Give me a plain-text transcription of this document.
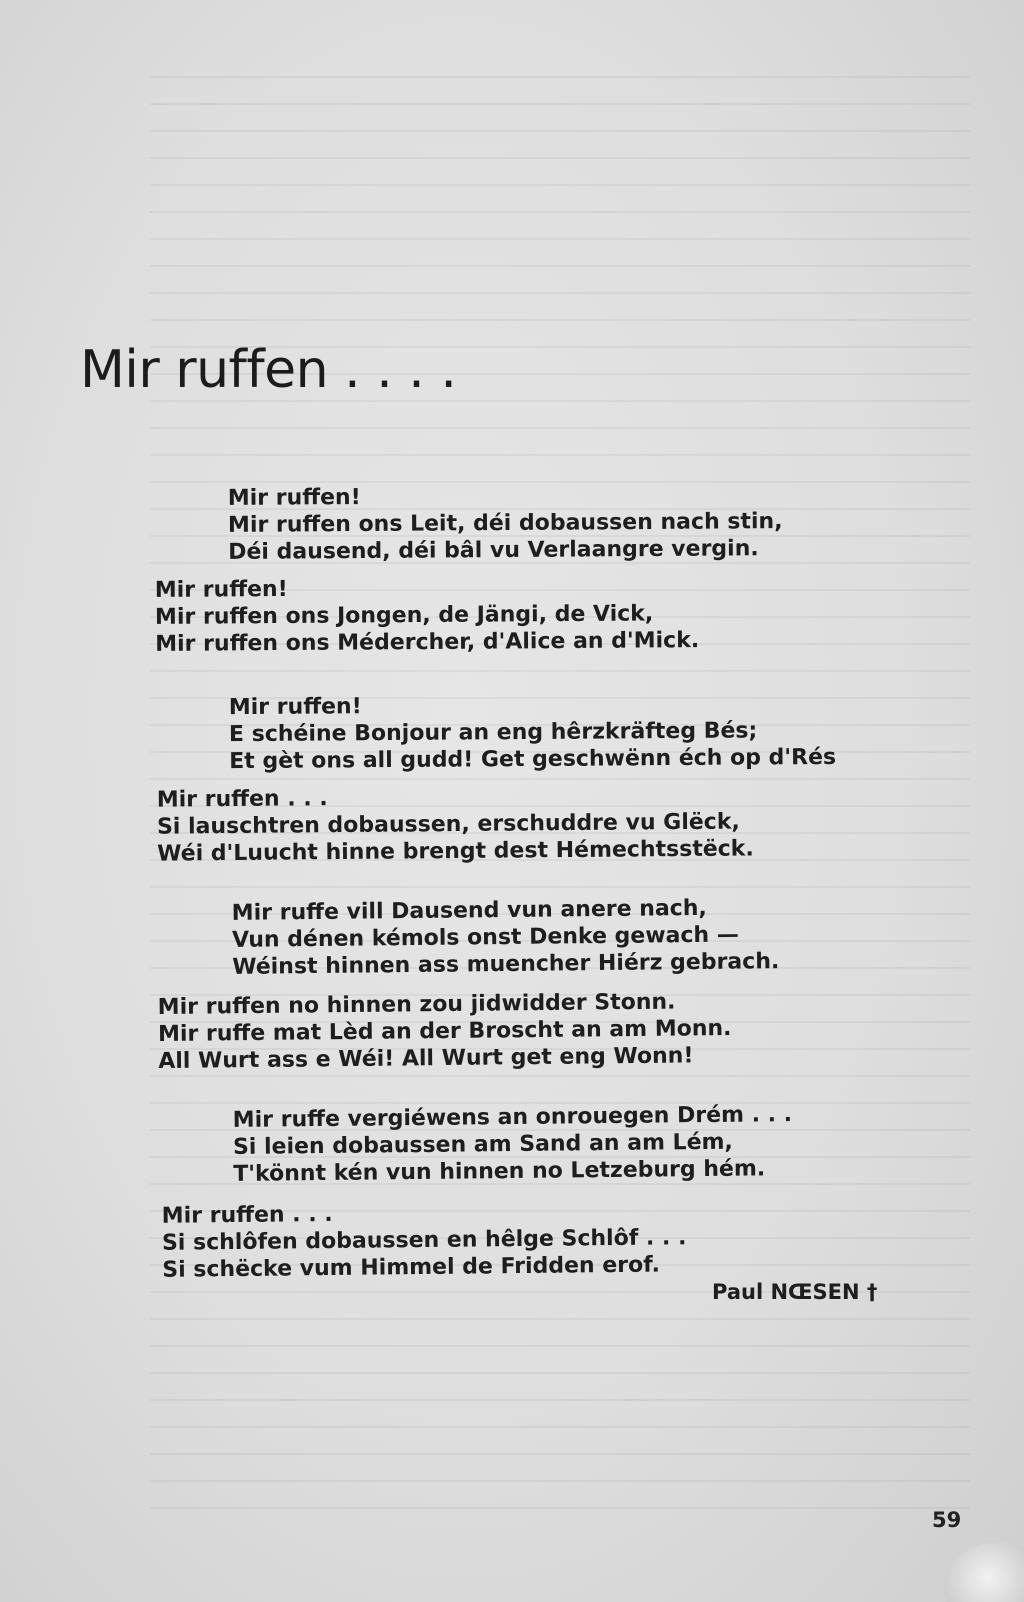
Mir ruffen . . . .
Mir ruffen!
Mir ruffen ons Leit, déi dobaussen nach stin,
Déi dausend, déi bâl vu Verlaangre vergin.
Mir ruffen!
Mir ruffen ons Jongen, de Jängi, de Vick,
Mir ruffen ons Médercher, d'Alice an d'Mick.
Mir ruffen!
E schéine Bonjour an eng hêrzkräfteg Bés;
Et gèt ons all gudd! Get geschwënn éch op d'Rés
Mir ruffen . . .
Si lauschtren dobaussen, erschuddre vu Glëck,
Wéi d'Luucht hinne brengt dest Hémechtsstëck.
Mir ruffe vill Dausend vun anere nach,
Vun dénen kémols onst Denke gewach —
Wéinst hinnen ass muencher Hiérz gebrach.
Mir ruffen no hinnen zou jidwidder Stonn.
Mir ruffe mat Lèd an der Broscht an am Monn.
All Wurt ass e Wéi! All Wurt get eng Wonn!
Mir ruffe vergiéwens an onrouegen Drém . . .
Si leien dobaussen am Sand an am Lém,
T'könnt kén vun hinnen no Letzeburg hém.
Mir ruffen . . .
Si schlôfen dobaussen en hêlge Schlôf . . .
Si schëcke vum Himmel de Fridden erof.
Paul NŒSEN †
59
